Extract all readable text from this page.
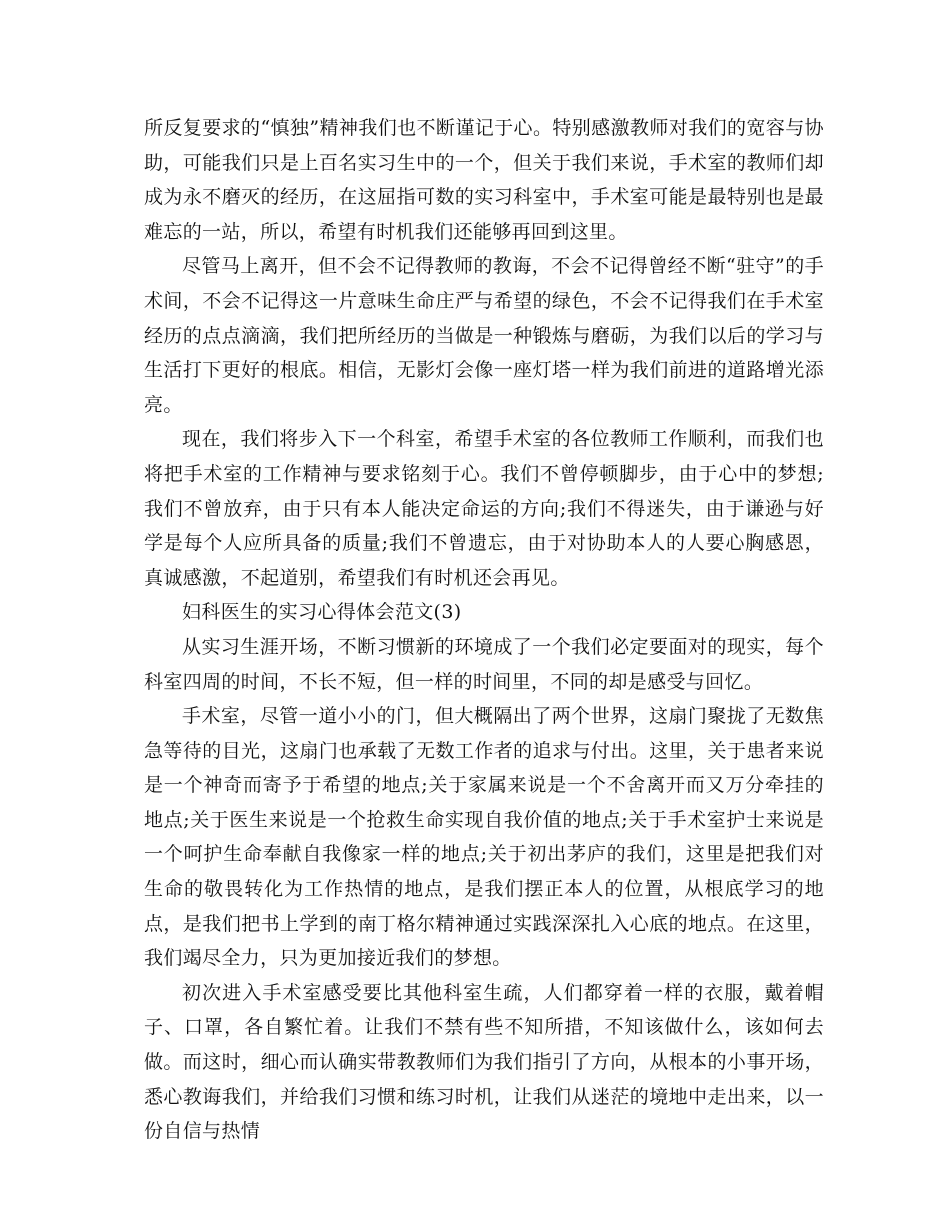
所反复要求的“慎独”精神我们也不断谨记于心。特别感激教师对我们的宽容与协助，可能我们只是上百名实习生中的一个，但关于我们来说，手术室的教师们却成为永不磨灭的经历，在这屈指可数的实习科室中，手术室可能是最特别也是最难忘的一站，所以，希望有时机我们还能够再回到这里。

尽管马上离开，但不会不记得教师的教诲，不会不记得曾经不断“驻守”的手术间，不会不记得这一片意味生命庄严与希望的绿色，不会不记得我们在手术室经历的点点滴滴，我们把所经历的当做是一种锻炼与磨砺，为我们以后的学习与生活打下更好的根底。相信，无影灯会像一座灯塔一样为我们前进的道路增光添亮。

现在，我们将步入下一个科室，希望手术室的各位教师工作顺利，而我们也将把手术室的工作精神与要求铭刻于心。我们不曾停顿脚步，由于心中的梦想;我们不曾放弃，由于只有本人能决定命运的方向;我们不得迷失，由于谦逊与好学是每个人应所具备的质量;我们不曾遗忘，由于对协助本人的人要心胸感恩，真诚感激，不起道别，希望我们有时机还会再见。

妇科医生的实习心得体会范文(3)

从实习生涯开场，不断习惯新的环境成了一个我们必定要面对的现实，每个科室四周的时间，不长不短，但一样的时间里，不同的却是感受与回忆。

手术室，尽管一道小小的门，但大概隔出了两个世界，这扇门聚拢了无数焦急等待的目光，这扇门也承载了无数工作者的追求与付出。这里，关于患者来说是一个神奇而寄予于希望的地点;关于家属来说是一个不舍离开而又万分牵挂的地点;关于医生来说是一个抢救生命实现自我价值的地点;关于手术室护士来说是一个呵护生命奉献自我像家一样的地点;关于初出茅庐的我们，这里是把我们对生命的敬畏转化为工作热情的地点，是我们摆正本人的位置，从根底学习的地点，是我们把书上学到的南丁格尔精神通过实践深深扎入心底的地点。在这里，我们竭尽全力，只为更加接近我们的梦想。

初次进入手术室感受要比其他科室生疏，人们都穿着一样的衣服，戴着帽子、口罩，各自繁忙着。让我们不禁有些不知所措，不知该做什么，该如何去做。而这时，细心而认确实带教教师们为我们指引了方向，从根本的小事开场，悉心教诲我们，并给我们习惯和练习时机，让我们从迷茫的境地中走出来，以一份自信与热情
